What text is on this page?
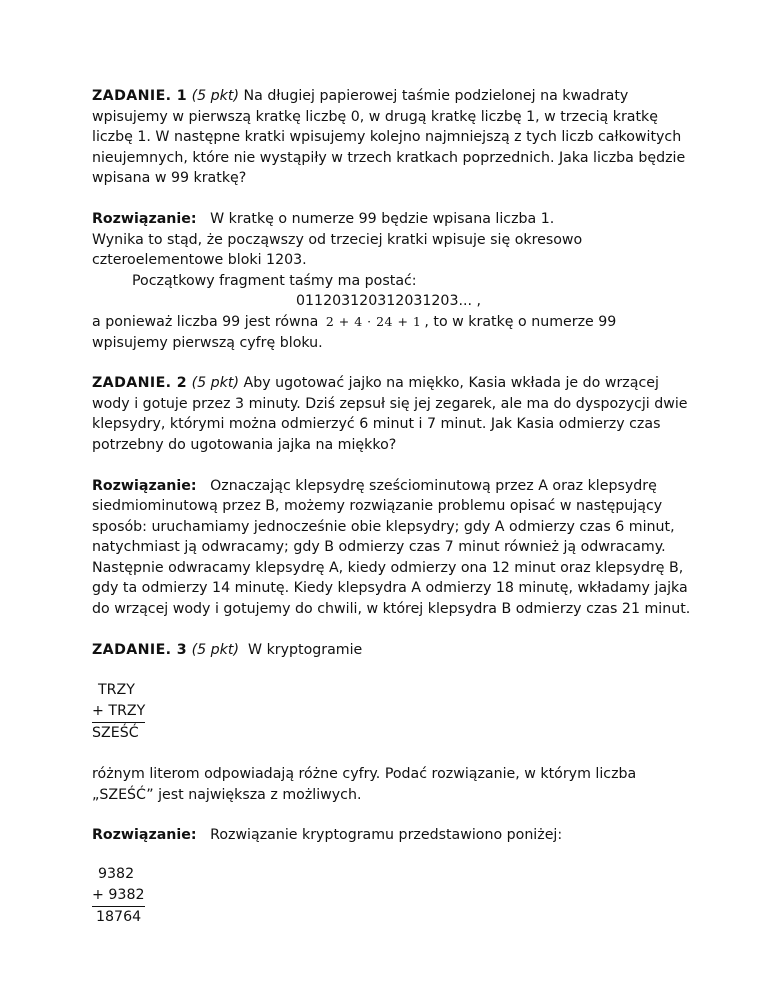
ZADANIE. 1 (5 pkt) Na długiej papierowej taśmie podzielonej na kwadraty wpisujemy w pierwszą kratkę liczbę 0, w drugą kratkę liczbę 1, w trzecią kratkę liczbę 1. W następne kratki wpisujemy kolejno najmniejszą z tych liczb całkowitych nieujemnych, które nie wystąpiły w trzech kratkach poprzednich. Jaka liczba będzie wpisana w 99 kratkę?

Rozwiązanie: W kratkę o numerze 99 będzie wpisana liczba 1.

Wynika to stąd, że począwszy od trzeciej kratki wpisuje się okresowo czteroelementowe bloki 1203.

Początkowy fragment taśmy ma postać:

011203120312031203... ,

a ponieważ liczba 99 jest równa 2 + 4 · 24 + 1 , to w kratkę o numerze 99 wpisujemy pierwszą cyfrę bloku.

ZADANIE. 2 (5 pkt) Aby ugotować jajko na miękko, Kasia wkłada je do wrzącej wody i gotuje przez 3 minuty. Dziś zepsuł się jej zegarek, ale ma do dyspozycji dwie klepsydry, którymi można odmierzyć 6 minut i 7 minut. Jak Kasia odmierzy czas potrzebny do ugotowania jajka na miękko?

Rozwiązanie: Oznaczając klepsydrę sześciominutową przez A oraz klepsydrę siedmiominutową przez B, możemy rozwiązanie problemu opisać w następujący sposób: uruchamiamy jednocześnie obie klepsydry; gdy A odmierzy czas 6 minut, natychmiast ją odwracamy; gdy B odmierzy czas 7 minut również ją odwracamy. Następnie odwracamy klepsydrę A, kiedy odmierzy ona 12 minut oraz klepsydrę B, gdy ta odmierzy 14 minutę. Kiedy klepsydra A odmierzy 18 minutę, wkładamy jajka do wrzącej wody i gotujemy do chwili, w której klepsydra B odmierzy czas 21 minut.

ZADANIE. 3 (5 pkt) W kryptogramie

TRZY
+ TRZY
SZEŚĆ

różnym literom odpowiadają różne cyfry. Podać rozwiązanie, w którym liczba „SZEŚĆ” jest największa z możliwych.

Rozwiązanie: Rozwiązanie kryptogramu przedstawiono poniżej:

9382
+ 9382
18764
